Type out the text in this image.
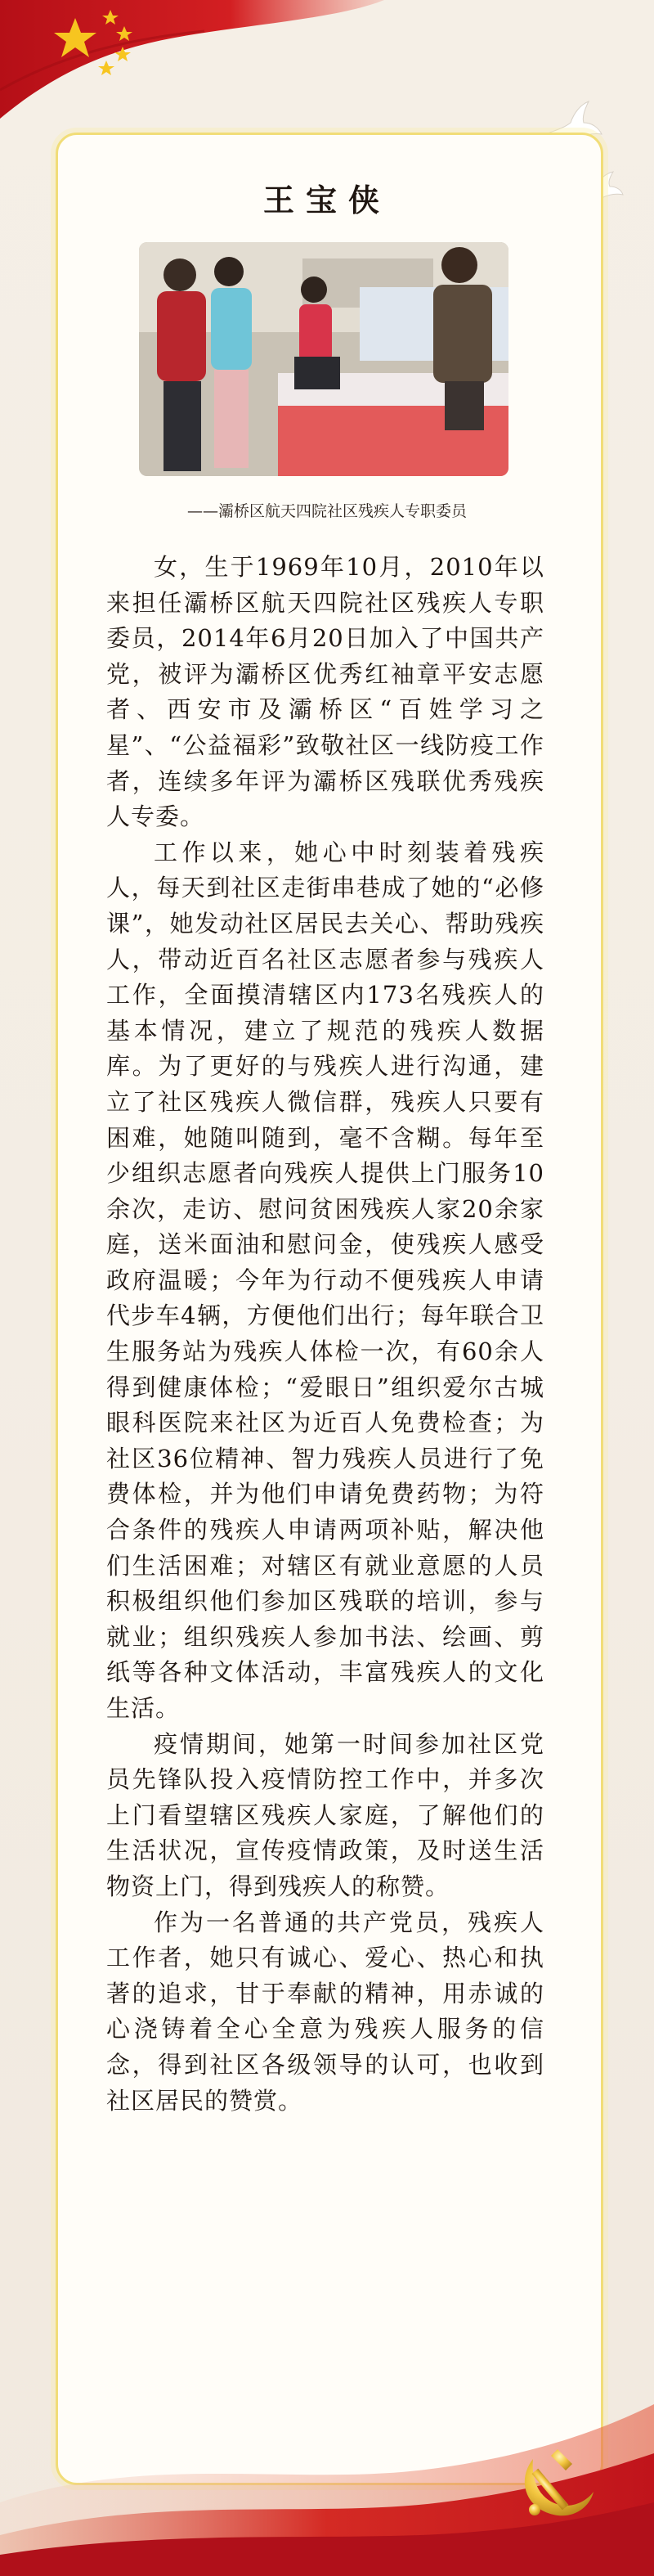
王宝侠
——灞桥区航天四院社区残疾人专职委员

女，生于1969年10月，2010年以来担任灞桥区航天四院社区残疾人专职委员，2014年6月20日加入了中国共产党，被评为灞桥区优秀红袖章平安志愿者、西安市及灞桥区“百姓学习之星”、“公益福彩”致敬社区一线防疫工作者，连续多年评为灞桥区残联优秀残疾人专委。

工作以来，她心中时刻装着残疾人，每天到社区走街串巷成了她的“必修课”，她发动社区居民去关心、帮助残疾人，带动近百名社区志愿者参与残疾人工作，全面摸清辖区内173名残疾人的基本情况，建立了规范的残疾人数据库。为了更好的与残疾人进行沟通，建立了社区残疾人微信群，残疾人只要有困难，她随叫随到，毫不含糊。每年至少组织志愿者向残疾人提供上门服务10余次，走访、慰问贫困残疾人家20余家庭，送米面油和慰问金，使残疾人感受政府温暖；今年为行动不便残疾人申请代步车4辆，方便他们出行；每年联合卫生服务站为残疾人体检一次，有60余人得到健康体检；“爱眼日”组织爱尔古城眼科医院来社区为近百人免费检查；为社区36位精神、智力残疾人员进行了免费体检，并为他们申请免费药物；为符合条件的残疾人申请两项补贴，解决他们生活困难；对辖区有就业意愿的人员积极组织他们参加区残联的培训，参与就业；组织残疾人参加书法、绘画、剪纸等各种文体活动，丰富残疾人的文化生活。

疫情期间，她第一时间参加社区党员先锋队投入疫情防控工作中，并多次上门看望辖区残疾人家庭，了解他们的生活状况，宣传疫情政策，及时送生活物资上门，得到残疾人的称赞。

作为一名普通的共产党员，残疾人工作者，她只有诚心、爱心、热心和执著的追求，甘于奉献的精神，用赤诚的心浇铸着全心全意为残疾人服务的信念，得到社区各级领导的认可，也收到社区居民的赞赏。
